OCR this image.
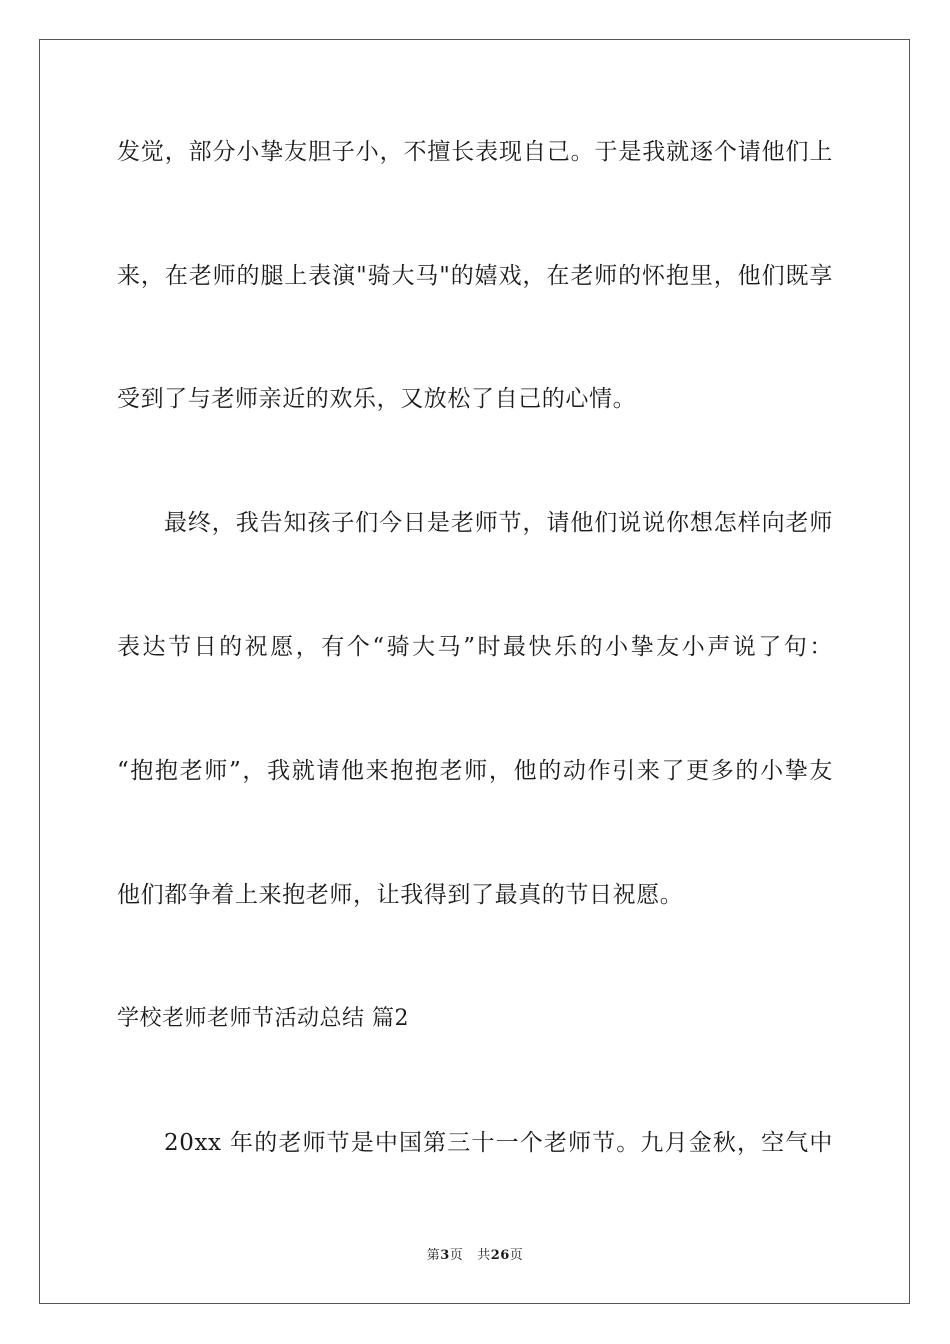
发觉，部分小挚友胆子小，不擅长表现自己。于是我就逐个请他们上
来，在老师的腿上表演"骑大马"的嬉戏，在老师的怀抱里，他们既享
受到了与老师亲近的欢乐，又放松了自己的心情。
最终，我告知孩子们今日是老师节，请他们说说你想怎样向老师
表达节日的祝愿，有个“骑大马”时最快乐的小挚友小声说了句：
“抱抱老师”，我就请他来抱抱老师，他的动作引来了更多的小挚友
他们都争着上来抱老师，让我得到了最真的节日祝愿。
学校老师老师节活动总结 篇2
20xx 年的老师节是中国第三十一个老师节。九月金秋，空气中
第3页 共26页
